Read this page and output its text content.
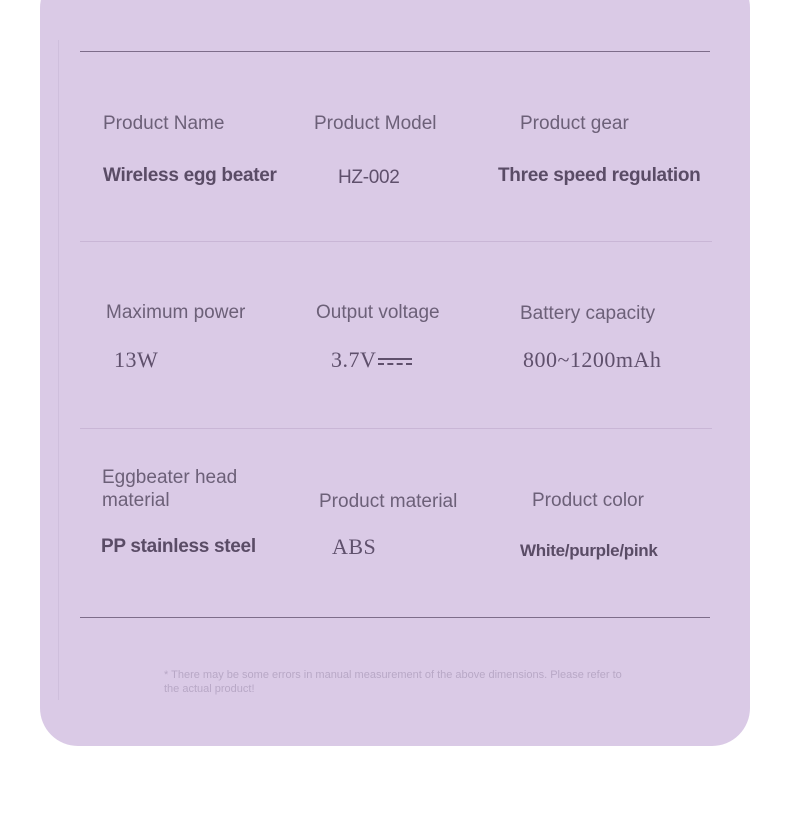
Product Name
Wireless egg beater
Product Model
HZ-002
Product gear
Three speed regulation
Maximum power
13W
Output voltage
3.7V
Battery capacity
800~1200mAh
Eggbeater head material
PP stainless steel
Product material
ABS
Product color
White/purple/pink
* There may be some errors in manual measurement of the above dimensions. Please refer to the actual product!
